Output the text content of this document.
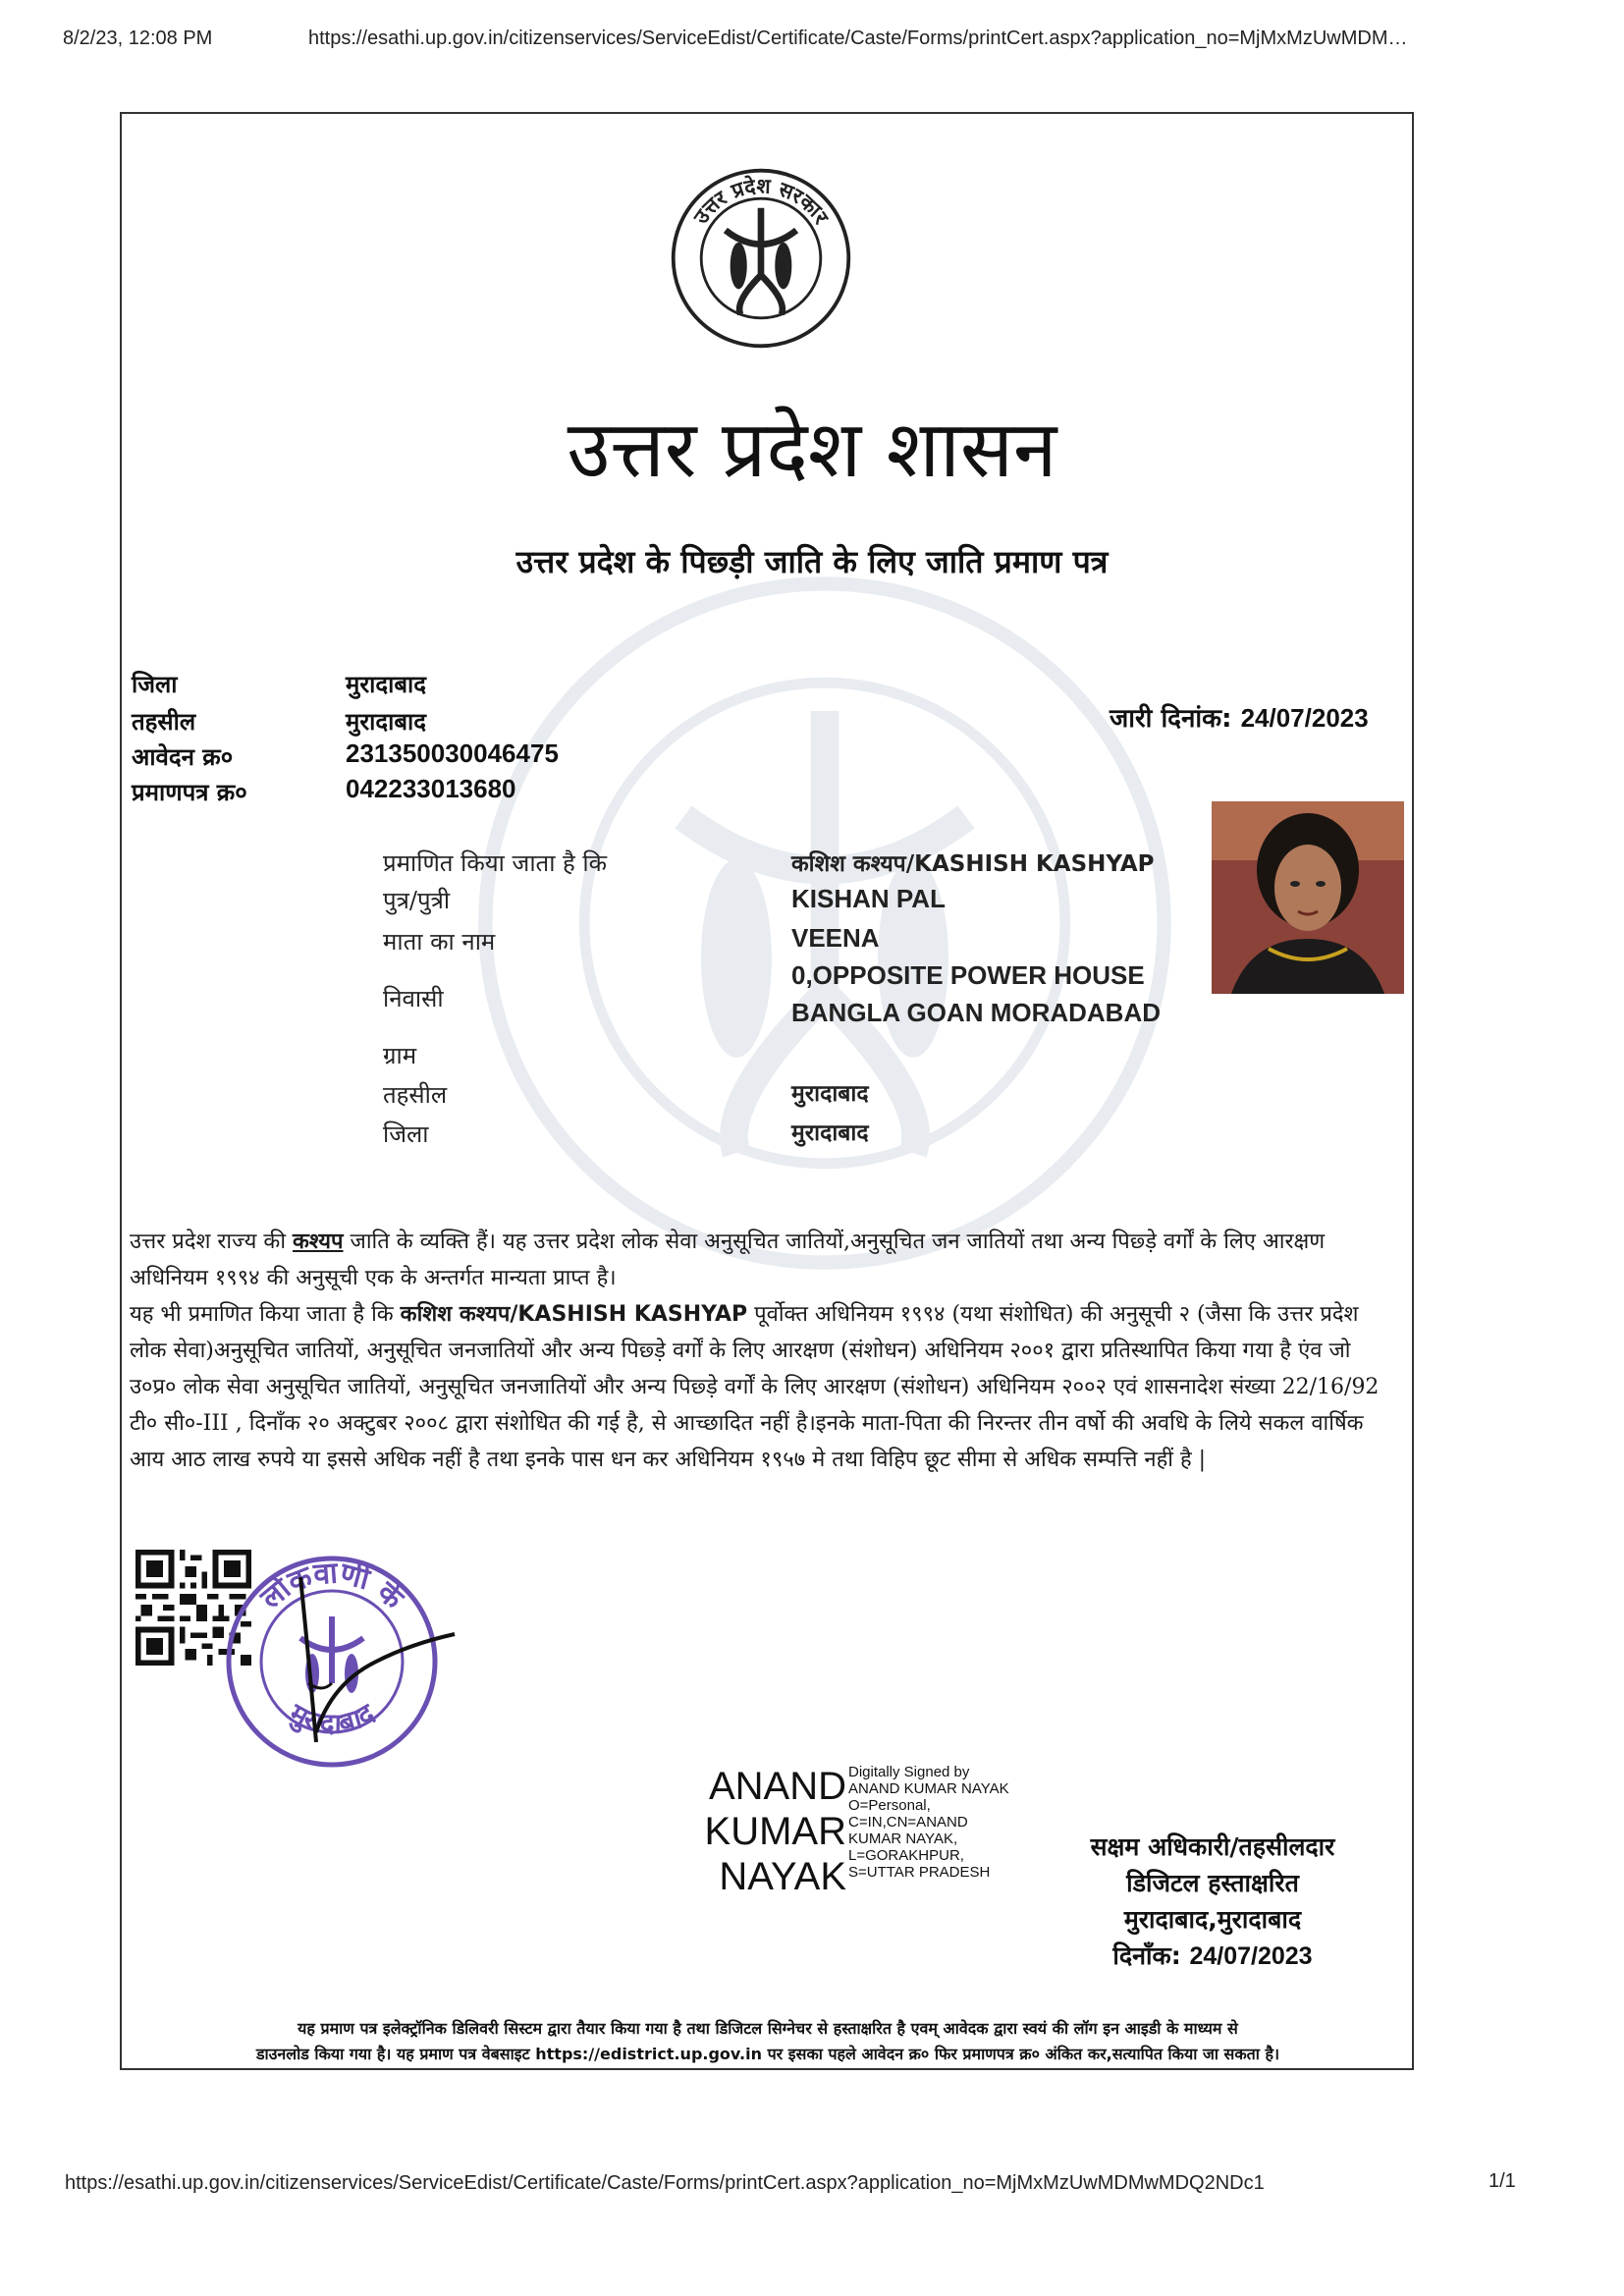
8/2/23, 12:08 PM	https://esathi.up.gov.in/citizenservices/ServiceEdist/Certificate/Caste/Forms/printCert.aspx?application_no=MjMxMzUwMDM…
उत्तर प्रदेश सरकार
उत्तर प्रदेश शासन
उत्तर प्रदेश के पिछ्ड़ी जाति के लिए जाति प्रमाण पत्र
जिला	मुरादाबाद
तहसील	मुरादाबाद
आवेदन क्र०	231350030046475
प्रमाणपत्र क्र०	042233013680
जारी दिनांक: 24/07/2023
प्रमाणित किया जाता है कि	कशिश कश्यप/KASHISH KASHYAP
पुत्र/पुत्री	KISHAN PAL
माता का नाम	VEENA
निवासी
0,OPPOSITE POWER HOUSE
BANGLA GOAN MORADABAD
ग्राम
तहसील	मुरादाबाद
जिला	मुरादाबाद
उत्तर प्रदेश राज्य की कश्यप जाति के व्यक्ति हैं। यह उत्तर प्रदेश लोक सेवा अनुसूचित जातियों,अनुसूचित जन जातियों तथा अन्य पिछ्ड़े वर्गों के लिए आरक्षण अधिनियम १९९४ की अनुसूची एक के अन्तर्गत मान्यता प्राप्त है।
यह भी प्रमाणित किया जाता है कि कशिश कश्यप/KASHISH KASHYAP पूर्वोक्त अधिनियम १९९४ (यथा संशोधित) की अनुसूची २ (जैसा कि उत्तर प्रदेश लोक सेवा)अनुसूचित जातियों, अनुसूचित जनजातियों और अन्य पिछ्ड़े वर्गों के लिए आरक्षण (संशोधन) अधिनियम २००१ द्वारा प्रतिस्थापित किया गया है एंव जो उ०प्र० लोक सेवा अनुसूचित जातियों, अनुसूचित जनजातियों और अन्य पिछ्ड़े वर्गों के लिए आरक्षण (संशोधन) अधिनियम २००२ एवं शासनादेश संख्या 22/16/92 टी० सी०-III , दिनाँक २० अक्टुबर २००८ द्वारा संशोधित की गई है, से आच्छादित नहीं है।इनके माता-पिता की निरन्तर तीन वर्षो की अवधि के लिये सकल वार्षिक आय आठ लाख रुपये या इससे अधिक नहीं है तथा इनके पास धन कर अधिनियम १९५७ मे तथा विहिप छूट सीमा से अधिक सम्पत्ति नहीं है |
लोकवाणी के
मुरादाबाद
ANAND
KUMAR
NAYAK
Digitally Signed by
ANAND KUMAR NAYAK
O=Personal,
C=IN,CN=ANAND
KUMAR NAYAK,
L=GORAKHPUR,
S=UTTAR PRADESH
सक्षम अधिकारी/तहसीलदार
डिजिटल हस्ताक्षरित
मुरादाबाद,मुरादाबाद
दिनाँक: 24/07/2023
यह प्रमाण पत्र इलेक्ट्रॉनिक डिलिवरी सिस्टम द्वारा तैयार किया गया है तथा डिजिटल सिग्नेचर से हस्ताक्षरित है एवम् आवेदक द्वारा स्वयं की लॉग इन आइडी के माध्यम से
डाउनलोड किया गया है। यह प्रमाण पत्र वेबसाइट https://edistrict.up.gov.in पर इसका पहले आवेदन क्र० फिर प्रमाणपत्र क्र० अंकित कर,सत्यापित किया जा सकता है।
https://esathi.up.gov.in/citizenservices/ServiceEdist/Certificate/Caste/Forms/printCert.aspx?application_no=MjMxMzUwMDMwMDQ2NDc1	1/1
